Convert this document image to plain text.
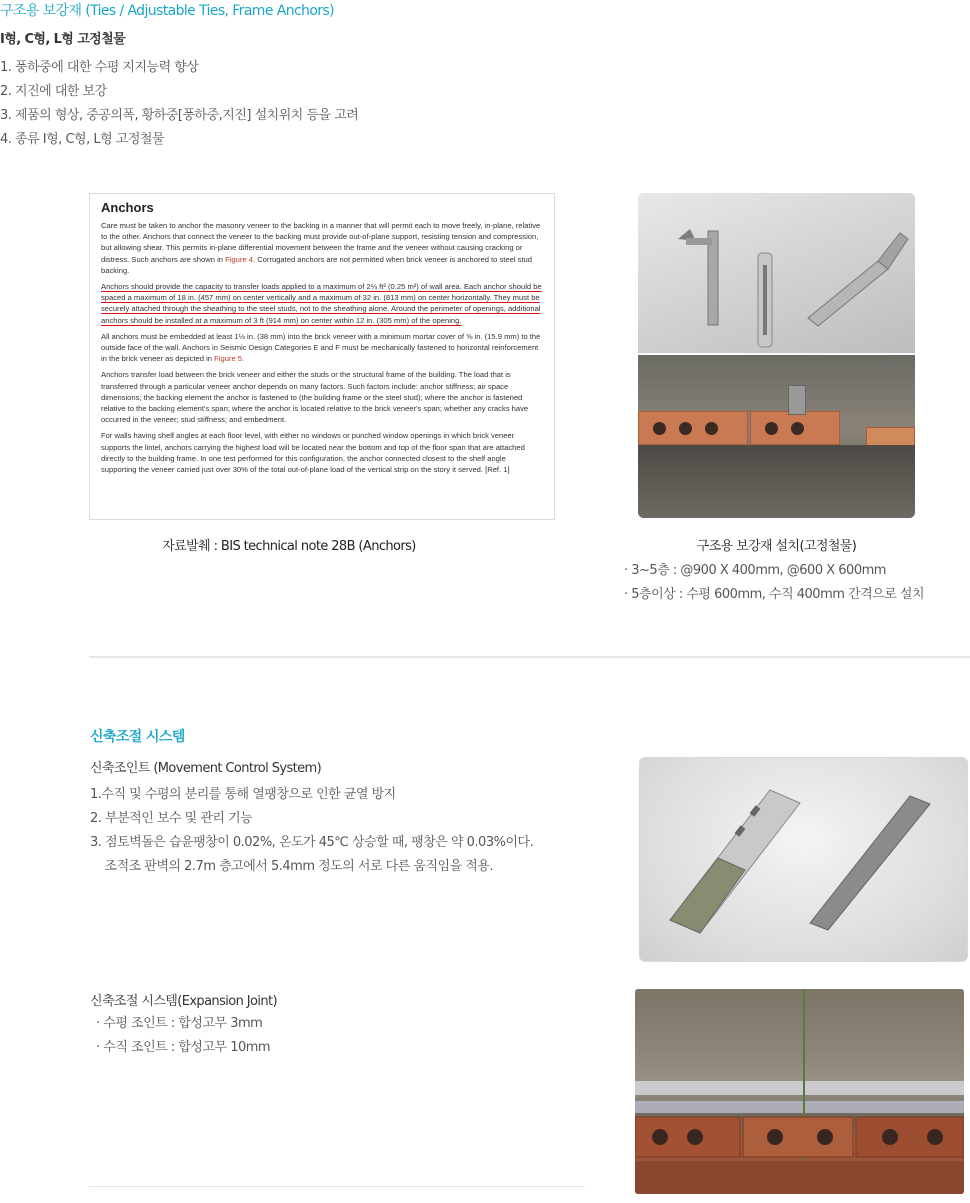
구조용 보강재 (Ties / Adjustable Ties, Frame Anchors)
I형, C형, L형 고정철물
1. 풍하중에 대한 수평 지지능력 향상
2. 지진에 대한 보강
3. 제품의 형상, 중공의폭, 황하중[풍하중,지진] 설치위치 등을 고려
4. 종류 I형, C형, L형 고정철물
Anchors

Care must be taken to anchor the masonry veneer to the backing in a manner that will permit each to move freely, in-plane, relative to the other. Anchors that connect the veneer to the backing must provide out-of-plane support, resisting tension and compression, but allowing shear. This permits in-plane differential movement between the frame and the veneer without causing cracking or distress. Such anchors are shown in Figure 4. Corrugated anchors are not permitted when brick veneer is anchored to steel stud backing.

Anchors should provide the capacity to transfer loads applied to a maximum of 2⅔ ft² (0.25 m²) of wall area. Each anchor should be spaced a maximum of 18 in. (457 mm) on center vertically and a maximum of 32 in. (813 mm) on center horizontally. They must be securely attached through the sheathing to the steel studs, not to the sheathing alone. Around the perimeter of openings, additional anchors should be installed at a maximum of 3 ft (914 mm) on center within 12 in. (305 mm) of the opening.

All anchors must be embedded at least 1½ in. (38 mm) into the brick veneer with a minimum mortar cover of ⅝ in. (15.9 mm) to the outside face of the wall. Anchors in Seismic Design Categories E and F must be mechanically fastened to horizontal reinforcement in the brick veneer as depicted in Figure 5.

Anchors transfer load between the brick veneer and either the studs or the structural frame of the building. The load that is transferred through a particular veneer anchor depends on many factors. Such factors include: anchor stiffness; air space dimensions; the backing element the anchor is fastened to (the building frame or the steel stud); where the anchor is fastened relative to the backing element's span; where the anchor is located relative to the brick veneer's span; whether any cracks have occurred in the veneer; stud stiffness; and embedment.

For walls having shelf angles at each floor level, with either no windows or punched window openings in which brick veneer supports the lintel, anchors carrying the highest load will be located near the bottom and top of the floor span that are attached directly to the building frame. In one test performed for this configuration, the anchor connected closest to the shelf angle supporting the veneer carried just over 30% of the total out-of-plane load of the vertical strip on the story it served. [Ref. 1]

자료발췌 : BIS technical note 28B (Anchors)	구조용 보강재 설치(고정철물)
· 3~5층 : @900 X 400mm, @600 X 600mm
· 5층이상 : 수평 600mm, 수직 400mm 간격으로 설치
신축조절 시스템
신축조인트 (Movement Control System)
1.수직 및 수평의 분리를 통해 열팽창으로 인한 균열 방지
2. 부분적인 보수 및 관리 기능
3. 점토벽돌은 습윤팽창이 0.02%, 온도가 45℃ 상승할 때, 팽창은 약 0.03%이다.
조적조 판벽의 2.7m 층고에서 5.4mm 정도의 서로 다른 움직임을 적용.
신축조절 시스템(Expansion Joint)
· 수평 조인트 : 합성고무 3mm
· 수직 조인트 : 합성고무 10mm
